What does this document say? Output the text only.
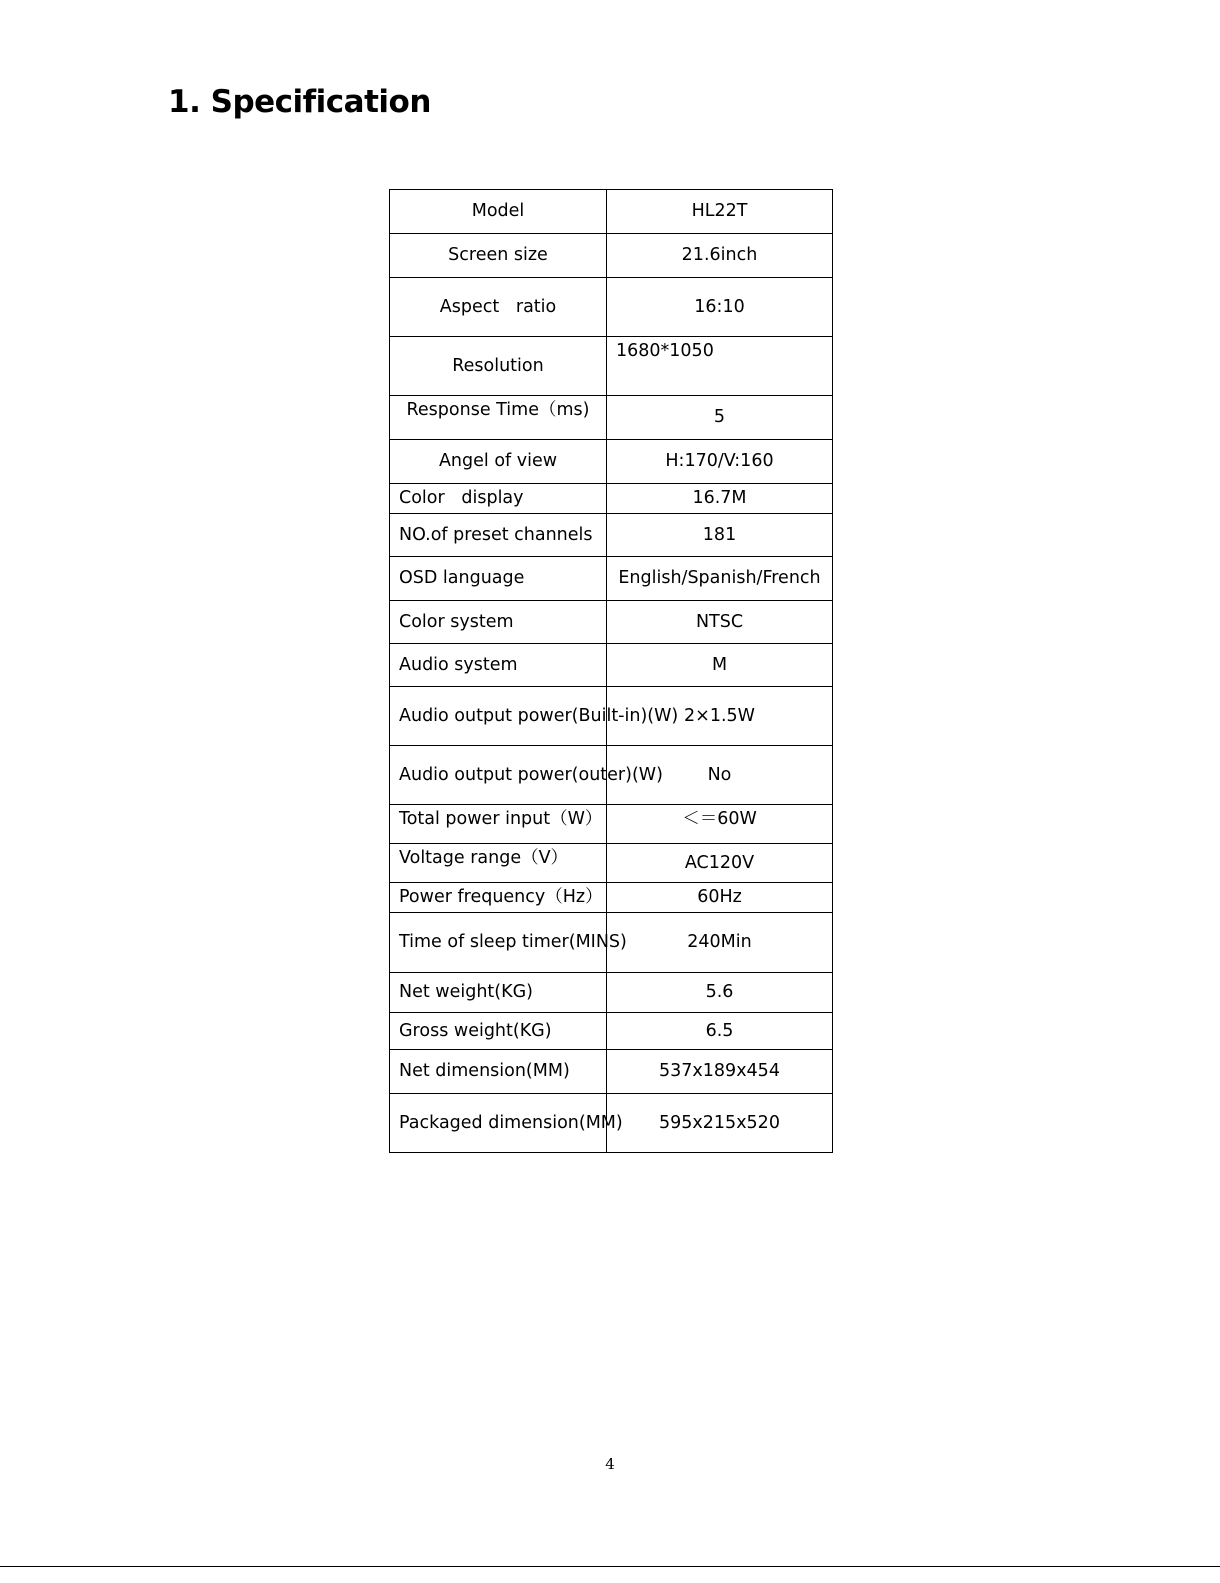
1. Specification
Model	HL22T
Screen size	21.6inch
Aspect   ratio	16:10
Resolution	1680*1050
Response Time（ms)	5
Angel of view	H:170/V:160
Color   display	16.7M
NO.of preset channels	181
OSD language	English/Spanish/French
Color system	NTSC
Audio system	M
Audio output power(Built-in)(W)	2×1.5W
Audio output power(outer)(W)	No
Total power input（W）	＜＝60W
Voltage range（V）	AC120V
Power frequency（Hz）	60Hz
Time of sleep timer(MINS)	240Min
Net weight(KG)	5.6
Gross weight(KG)	6.5
Net dimension(MM)	537x189x454
Packaged dimension(MM)	595x215x520
4
